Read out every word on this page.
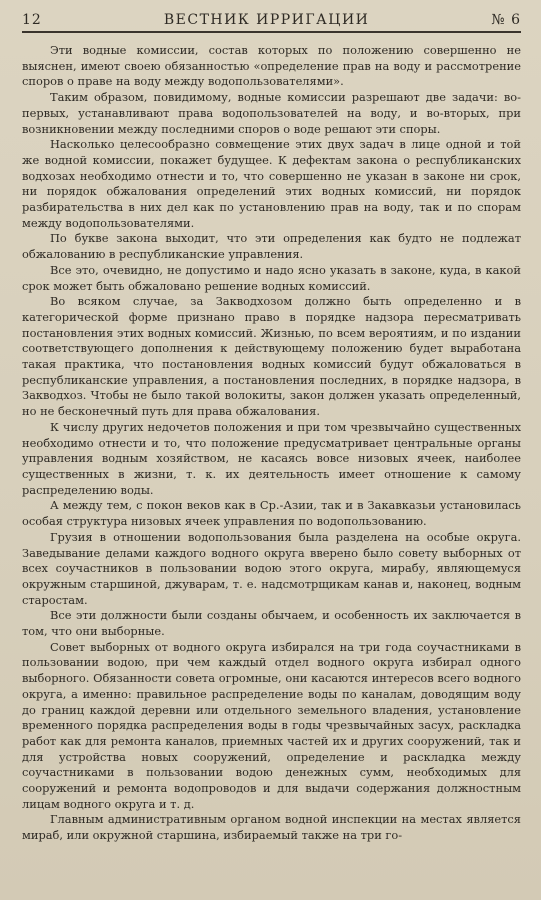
12	ВЕСТНИК ИРРИГАЦИИ	№ 6

Эти водные комиссии, состав которых по положению совершенно не выяснен, имеют своею обязанностью «определение прав на воду и рассмотрение споров о праве на воду между водопользователями».

Таким образом, повидимому, водные комиссии разрешают две задачи: во-первых, устанавливают права водопользователей на воду, и во-вторых, при возникновении между последними споров о воде решают эти споры.

Насколько целесообразно совмещение этих двух задач в лице одной и той же водной комиссии, покажет будущее. К дефектам закона о республиканских водхозах необходимо отнести и то, что совершенно не указан в законе ни срок, ни порядок обжалования определений этих водных комиссий, ни порядок разбирательства в них дел как по установлению прав на воду, так и по спорам между водопользователями.

По букве закона выходит, что эти определения как будто не подлежат обжалованию в республиканские управления.

Все это, очевидно, не допустимо и надо ясно указать в законе, куда, в какой срок может быть обжаловано решение водных комиссий.

Во всяком случае, за Закводхозом должно быть определенно и в категорической форме признано право в порядке надзора пересматривать постановления этих водных комиссий. Жизнью, по всем вероятиям, и по издании соответствующего дополнения к действующему положению будет выработана такая практика, что постановления водных комиссий будут обжаловаться в республиканские управления, а постановления последних, в порядке надзора, в Закводхоз. Чтобы не было такой волокиты, закон должен указать определенный, но не бесконечный путь для права обжалования.

К числу других недочетов положения и при том чрезвычайно существенных необходимо отнести и то, что положение предусматривает центральные органы управления водным хозяйством, не касаясь вовсе низовых ячеек, наиболее существенных в жизни, т. к. их деятельность имеет отношение к самому распределению воды.

А между тем, с покон веков как в Ср.-Азии, так и в Закавказьи установилась особая структура низовых ячеек управления по водопользованию.

Грузия в отношении водопользования была разделена на особые округа. Заведывание делами каждого водного округа вверено было совету выборных от всех соучастников в пользовании водою этого округа, мирабу, являющемуся окружным старшиной, джуварам, т. е. надсмотрщикам канав и, наконец, водным старостам.

Все эти должности были созданы обычаем, и особенность их заключается в том, что они выборные.

Совет выборных от водного округа избирался на три года соучастниками в пользовании водою, при чем каждый отдел водного округа избирал одного выборного. Обязанности совета огромные, они касаются интересов всего водного округа, а именно: правильное распределение воды по каналам, доводящим воду до границ каждой деревни или отдельного земельного владения, установление временного порядка распределения воды в годы чрезвычайных засух, раскладка работ как для ремонта каналов, приемных частей их и других сооружений, так и для устройства новых сооружений, определение и раскладка между соучастниками в пользовании водою денежных сумм, необходимых для сооружений и ремонта водопроводов и для выдачи содержания должностным лицам водного округа и т. д.

Главным административным органом водной инспекции на местах является мираб, или окружной старшина, избираемый также на три го-
